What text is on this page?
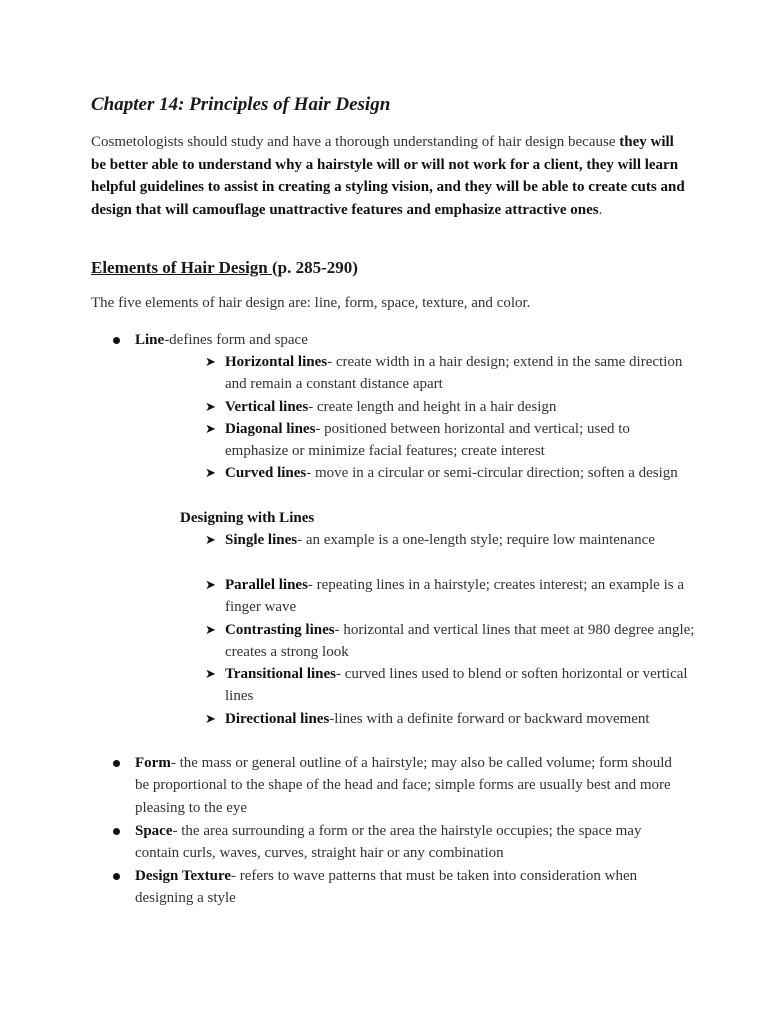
Chapter 14: Principles of Hair Design

Cosmetologists should study and have a thorough understanding of hair design because they will be better able to understand why a hairstyle will or will not work for a client, they will learn helpful guidelines to assist in creating a styling vision, and they will be able to create cuts and design that will camouflage unattractive features and emphasize attractive ones.

Elements of Hair Design (p. 285-290)

The five elements of hair design are: line, form, space, texture, and color.

Line-defines form and space

➤ Horizontal lines- create width in a hair design; extend in the same direction and remain a constant distance apart

➤ Vertical lines- create length and height in a hair design

➤ Diagonal lines- positioned between horizontal and vertical; used to emphasize or minimize facial features; create interest

➤ Curved lines- move in a circular or semi-circular direction; soften a design

Designing with Lines
➤ Single lines- an example is a one-length style; require low maintenance

➤ Parallel lines- repeating lines in a hairstyle; creates interest; an example is a finger wave

➤ Contrasting lines- horizontal and vertical lines that meet at 980 degree angle; creates a strong look

➤ Transitional lines- curved lines used to blend or soften horizontal or vertical lines

➤ Directional lines-lines with a definite forward or backward movement

Form- the mass or general outline of a hairstyle; may also be called volume; form should be proportional to the shape of the head and face; simple forms are usually best and more pleasing to the eye

Space- the area surrounding a form or the area the hairstyle occupies; the space may contain curls, waves, curves, straight hair or any combination

Design Texture- refers to wave patterns that must be taken into consideration when designing a style
